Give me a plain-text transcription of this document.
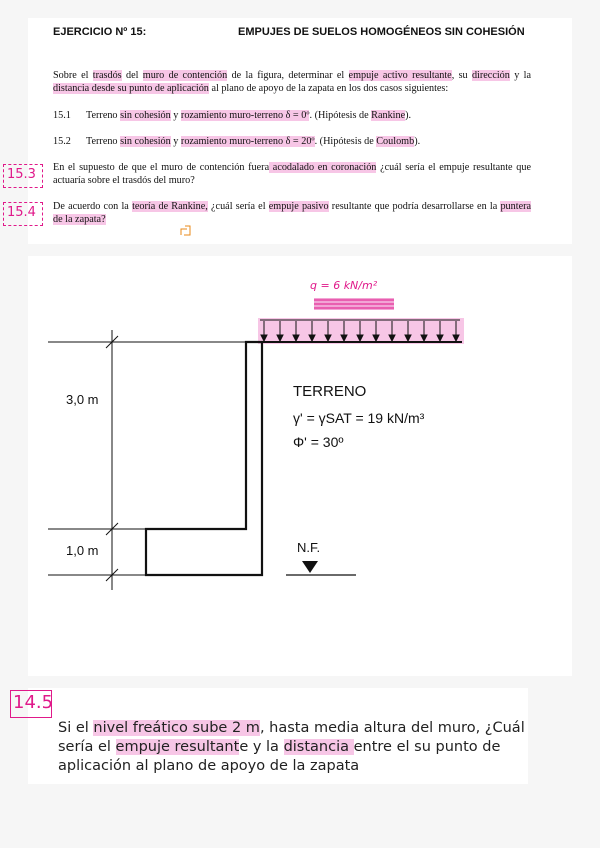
EJERCICIO Nº 15:	EMPUJES DE SUELOS HOMOGÉNEOS SIN COHESIÓN
Sobre el trasdós del muro de contención de la figura, determinar el empuje activo resultante, su dirección y la distancia desde su punto de aplicación al plano de apoyo de la zapata en los dos casos siguientes:
15.1 Terreno sin cohesión y rozamiento muro-terreno δ = 0º. (Hipótesis de Rankine).
15.2 Terreno sin cohesión y rozamiento muro-terreno δ = 20º. (Hipótesis de Coulomb).
En el supuesto de que el muro de contención fuera acodalado en coronación ¿cuál sería el empuje resultante que actuaría sobre el trasdós del muro?
De acuerdo con la teoría de Rankine, ¿cuál sería el empuje pasivo resultante que podría desarrollarse en la puntera de la zapata?
15.3
15.4
q = 6 kN/m²
3,0 m
1,0 m
TERRENO
γ' = γSAT = 19 kN/m³
Φ' = 30º
N.F.
14.5
Si el nivel freático sube 2 m, hasta media altura del muro, ¿Cuál sería el empuje resultante y la distancia entre el su punto de aplicación al plano de apoyo de la zapata
